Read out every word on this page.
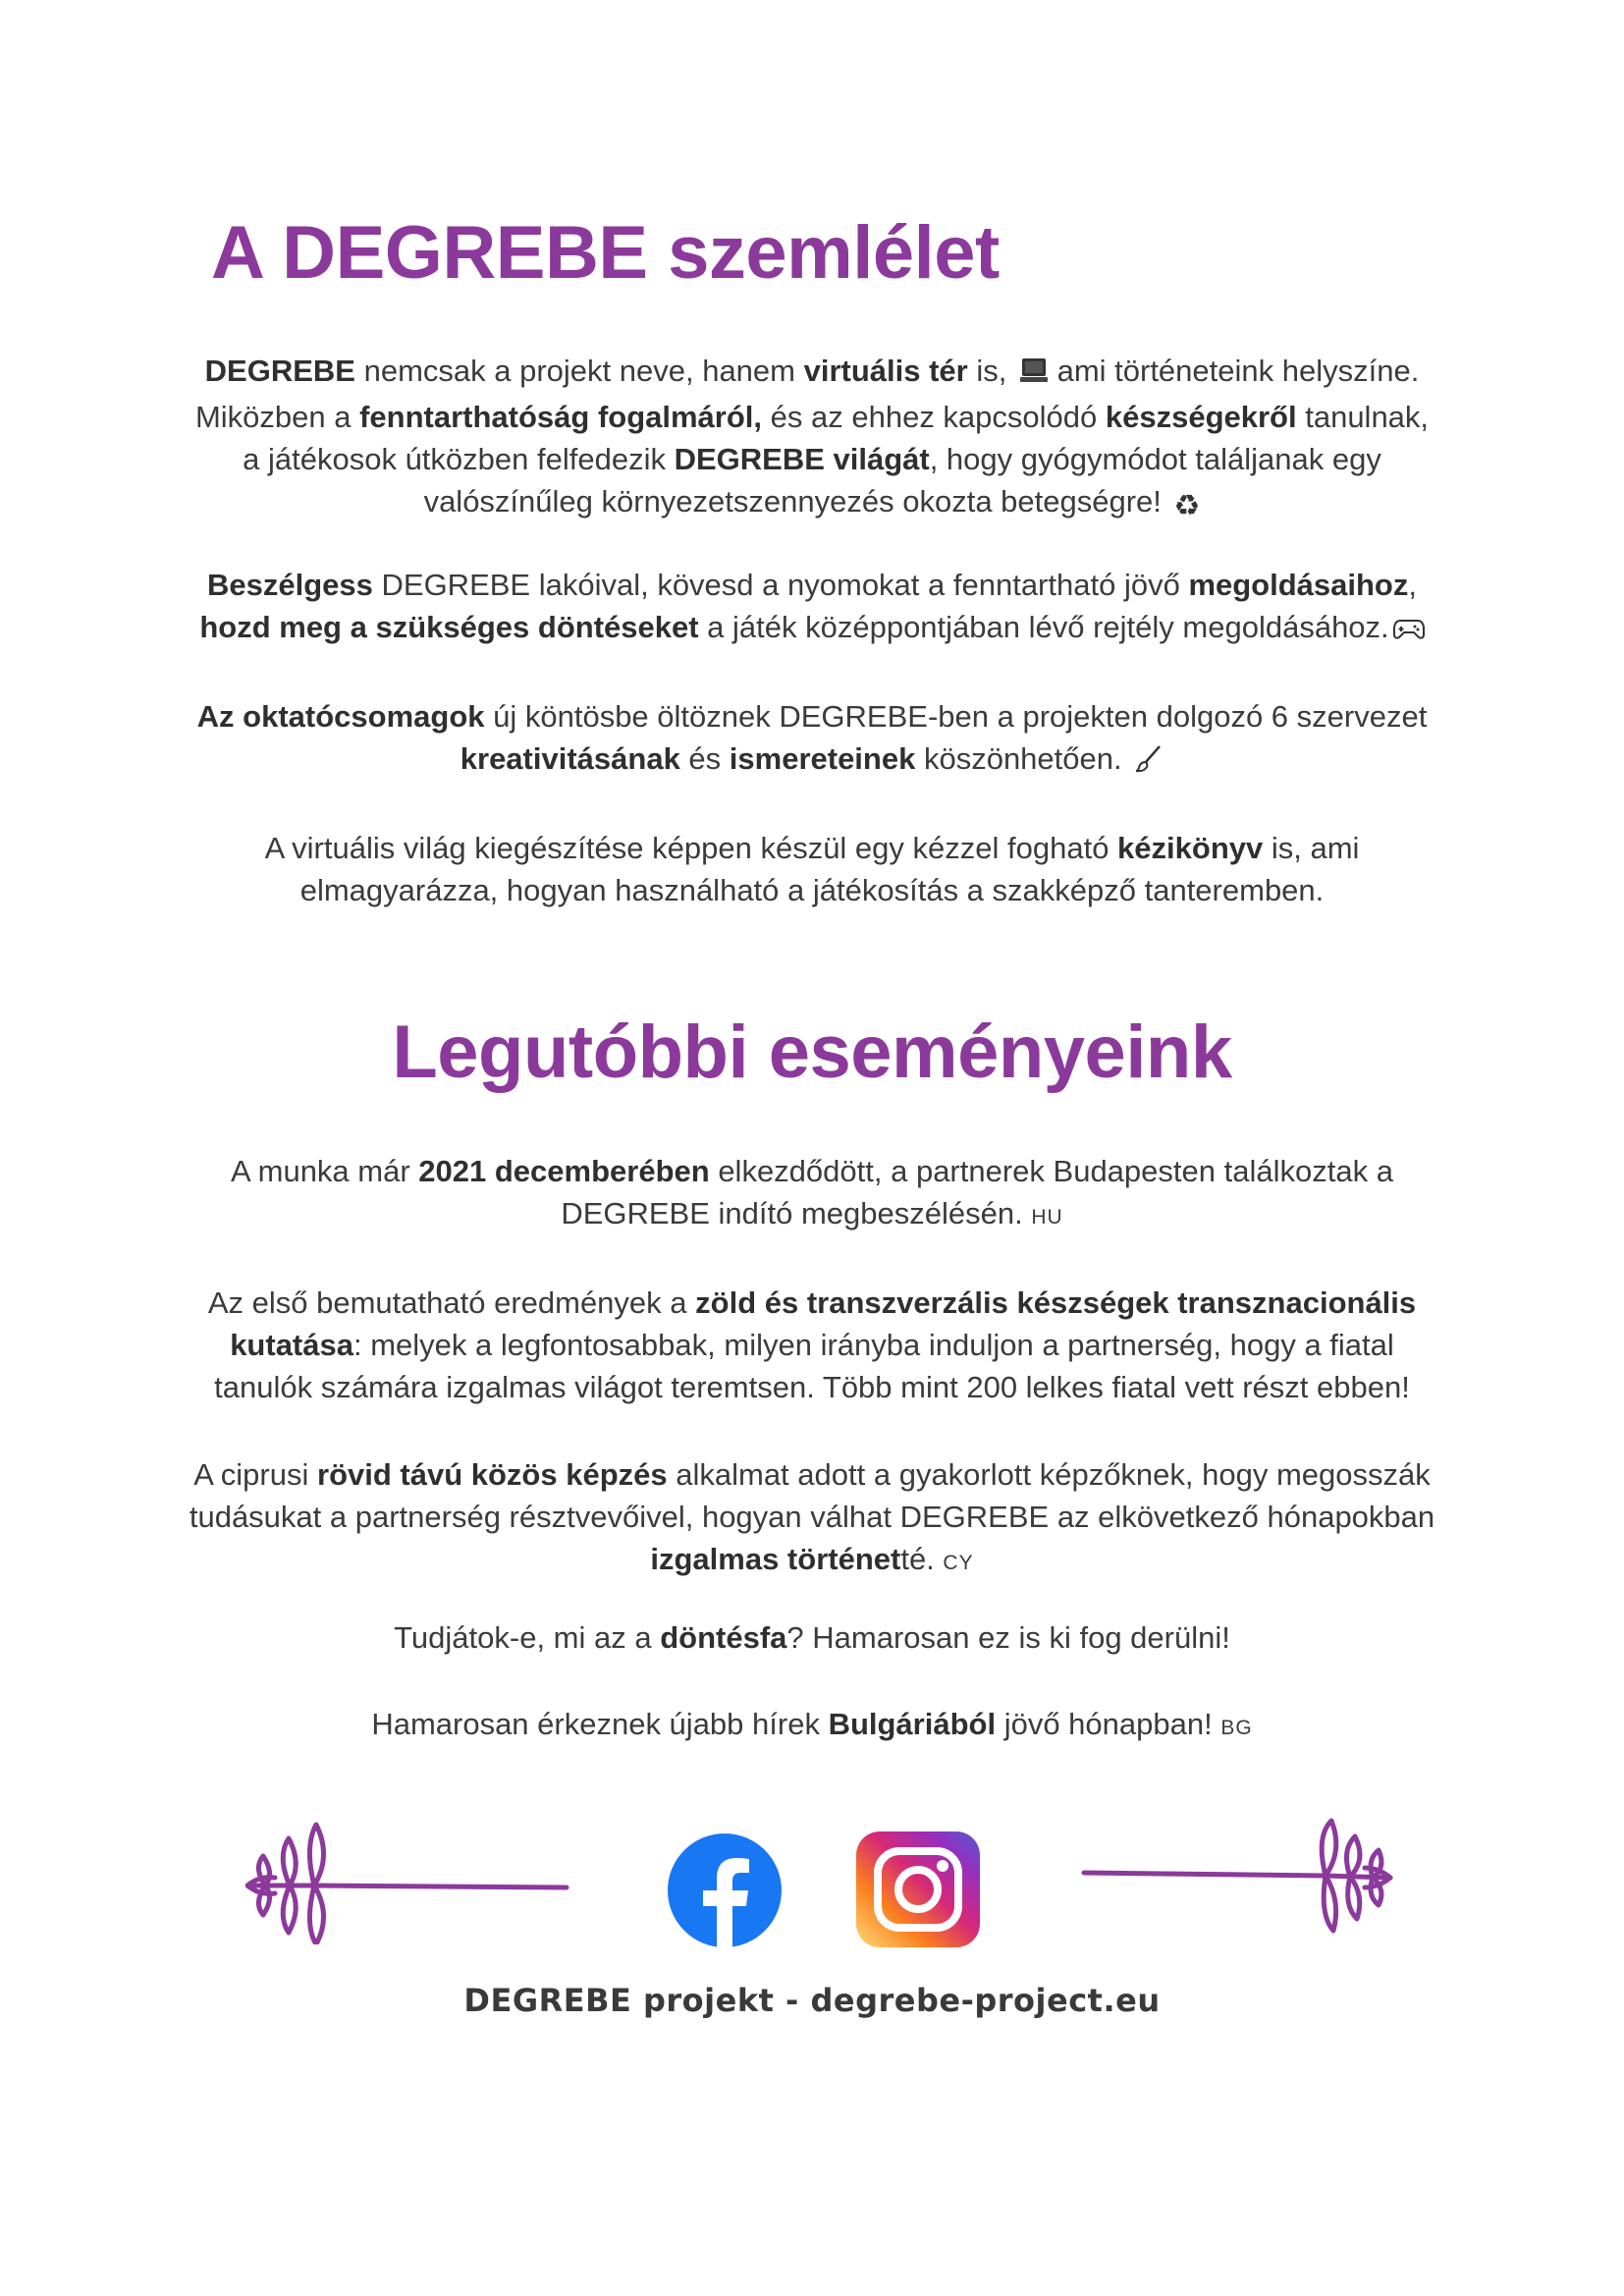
A DEGREBE szemlélet
DEGREBE nemcsak a projekt neve, hanem virtuális tér is,  ami történeteink helyszíne.
Miközben a fenntarthatóság fogalmáról, és az ehhez kapcsolódó készségekről tanulnak,
a játékosok útközben felfedezik DEGREBE világát, hogy gyógymódot találjanak egy
valószínűleg környezetszennyezés okozta betegségre! ♻
Beszélgess DEGREBE lakóival, kövesd a nyomokat a fenntartható jövő megoldásaihoz,
hozd meg a szükséges döntéseket a játék középpontjában lévő rejtély megoldásához.
Az oktatócsomagok új köntösbe öltöznek DEGREBE-ben a projekten dolgozó 6 szervezet
kreativitásának és ismereteinek köszönhetően.
A virtuális világ kiegészítése képpen készül egy kézzel fogható kézikönyv is, ami
elmagyarázza, hogyan használható a játékosítás a szakképző tanteremben.
Legutóbbi eseményeink
A munka már 2021 decemberében elkezdődött, a partnerek Budapesten találkoztak a
DEGREBE indító megbeszélésén. HU
Az első bemutatható eredmények a zöld és transzverzális készségek transznacionális
kutatása: melyek a legfontosabbak, milyen irányba induljon a partnerség, hogy a fiatal
tanulók számára izgalmas világot teremtsen. Több mint 200 lelkes fiatal vett részt ebben!
A ciprusi rövid távú közös képzés alkalmat adott a gyakorlott képzőknek, hogy megosszák
tudásukat a partnerség résztvevőivel, hogyan válhat DEGREBE az elkövetkező hónapokban
izgalmas történetté. CY
Tudjátok-e, mi az a döntésfa? Hamarosan ez is ki fog derülni!
Hamarosan érkeznek újabb hírek Bulgáriából jövő hónapban! BG
DEGREBE projekt - degrebe-project.eu
